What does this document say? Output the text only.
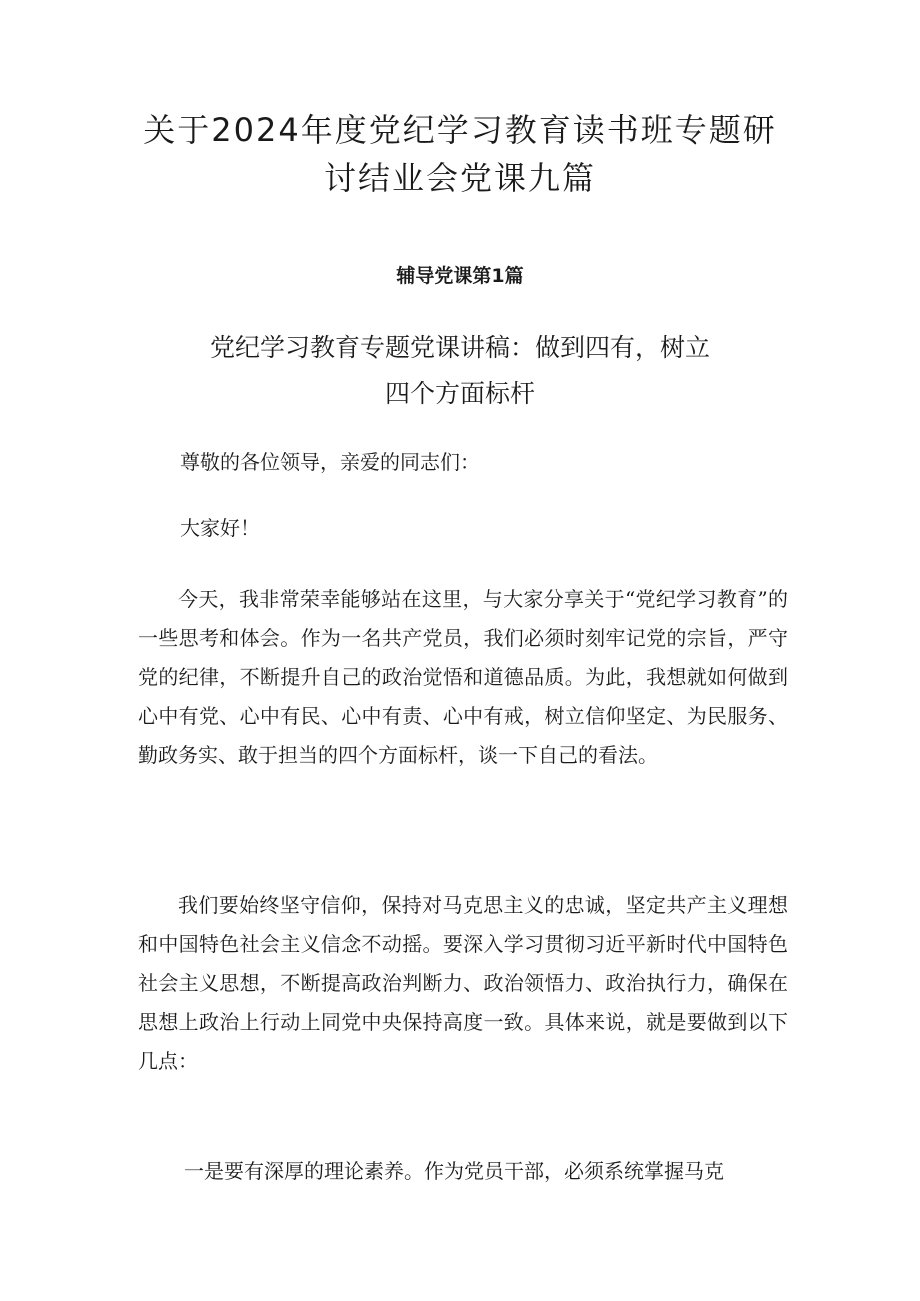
关于2024年度党纪学习教育读书班专题研
讨结业会党课九篇

辅导党课第1篇

党纪学习教育专题党课讲稿：做到四有，树立
四个方面标杆

尊敬的各位领导，亲爱的同志们：

大家好！

今天，我非常荣幸能够站在这里，与大家分享关于“党纪学习教育”的一些思考和体会。作为一名共产党员，我们必须时刻牢记党的宗旨，严守党的纪律，不断提升自己的政治觉悟和道德品质。为此，我想就如何做到心中有党、心中有民、心中有责、心中有戒，树立信仰坚定、为民服务、勤政务实、敢于担当的四个方面标杆，谈一下自己的看法。

我们要始终坚守信仰，保持对马克思主义的忠诚，坚定共产主义理想和中国特色社会主义信念不动摇。要深入学习贯彻习近平新时代中国特色社会主义思想，不断提高政治判断力、政治领悟力、政治执行力，确保在思想上政治上行动上同党中央保持高度一致。具体来说，就是要做到以下几点：

一是要有深厚的理论素养。作为党员干部，必须系统掌握马克
